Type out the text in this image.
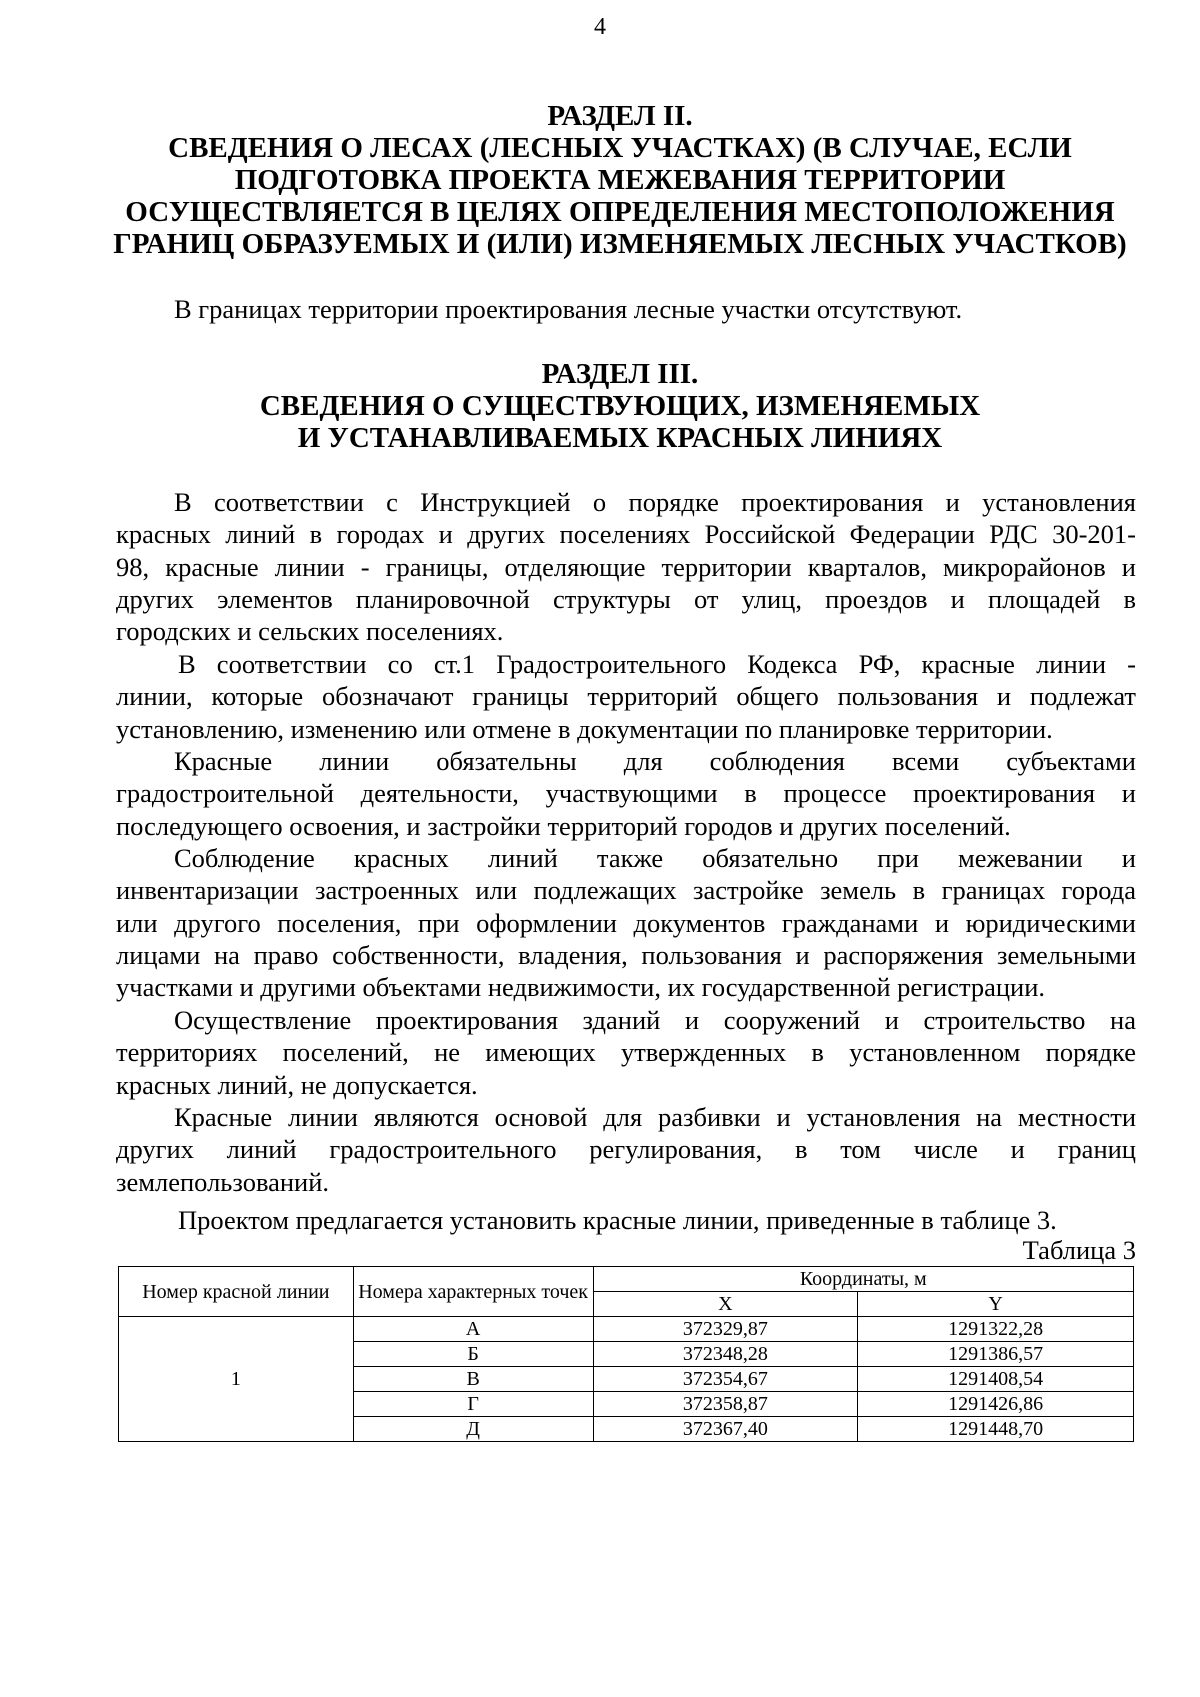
4
РАЗДЕЛ II.
СВЕДЕНИЯ О ЛЕСАХ (ЛЕСНЫХ УЧАСТКАХ) (В СЛУЧАЕ, ЕСЛИ
ПОДГОТОВКА ПРОЕКТА МЕЖЕВАНИЯ ТЕРРИТОРИИ
ОСУЩЕСТВЛЯЕТСЯ В ЦЕЛЯХ ОПРЕДЕЛЕНИЯ МЕСТОПОЛОЖЕНИЯ
ГРАНИЦ ОБРАЗУЕМЫХ И (ИЛИ) ИЗМЕНЯЕМЫХ ЛЕСНЫХ УЧАСТКОВ)
В границах территории проектирования лесные участки отсутствуют.
РАЗДЕЛ III.
СВЕДЕНИЯ О СУЩЕСТВУЮЩИХ, ИЗМЕНЯЕМЫХ
И УСТАНАВЛИВАЕМЫХ КРАСНЫХ ЛИНИЯХ
В соответствии с Инструкцией о порядке проектирования и установления
красных линий в городах и других поселениях Российской Федерации РДС 30-201-
98, красные линии - границы, отделяющие территории кварталов, микрорайонов и
других элементов планировочной структуры от улиц, проездов и площадей в
городских и сельских поселениях.
В соответствии со ст.1 Градостроительного Кодекса РФ, красные линии -
линии, которые обозначают границы территорий общего пользования и подлежат
установлению, изменению или отмене в документации по планировке территории.
Красные линии обязательны для соблюдения всеми субъектами
градостроительной деятельности, участвующими в процессе проектирования и
последующего освоения, и застройки территорий городов и других поселений.
Соблюдение красных линий также обязательно при межевании и
инвентаризации застроенных или подлежащих застройке земель в границах города
или другого поселения, при оформлении документов гражданами и юридическими
лицами на право собственности, владения, пользования и распоряжения земельными
участками и другими объектами недвижимости, их государственной регистрации.
Осуществление проектирования зданий и сооружений и строительство на
территориях поселений, не имеющих утвержденных в установленном порядке
красных линий, не допускается.
Красные линии являются основой для разбивки и установления на местности
других линий градостроительного регулирования, в том числе и границ
землепользований.
Проектом предлагается установить красные линии, приведенные в таблице 3.
Таблица 3
Номер красной линии	Номера характерных точек	Координаты, м	
		X	Y
1	А	372329,87	1291322,28
	Б	372348,28	1291386,57
	В	372354,67	1291408,54
	Г	372358,87	1291426,86
	Д	372367,40	1291448,70
